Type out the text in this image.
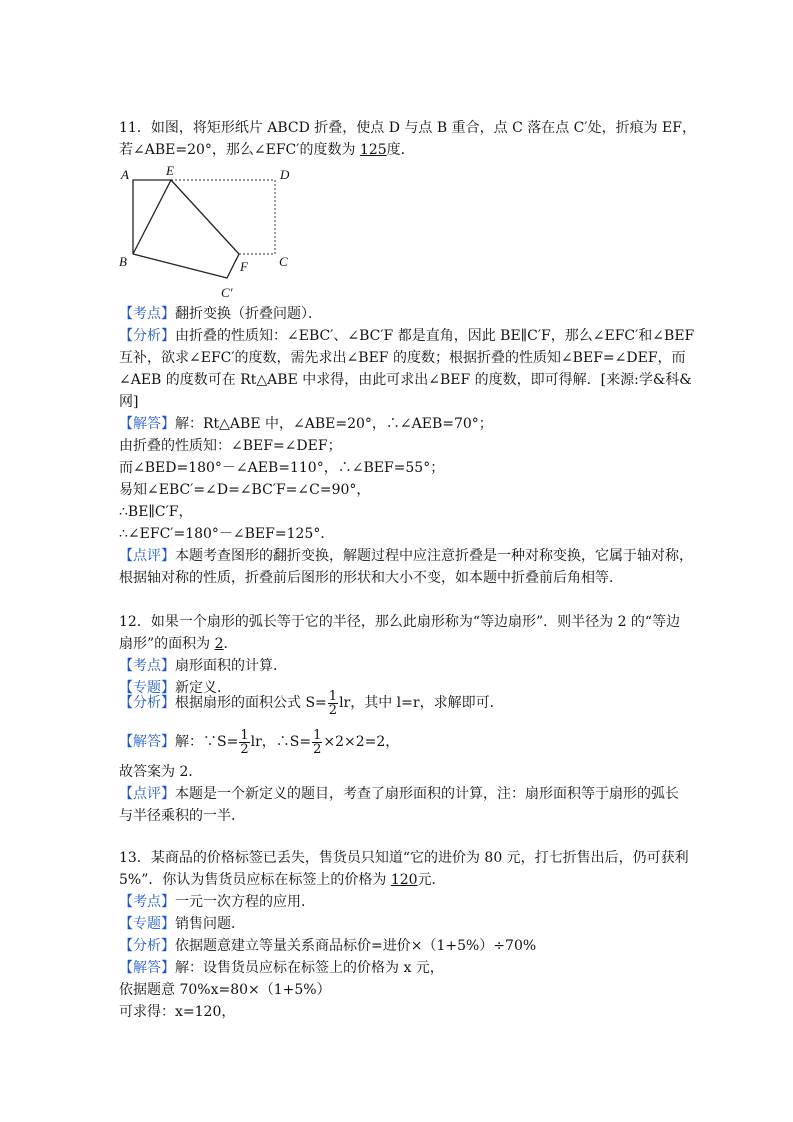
11．如图，将矩形纸片 ABCD 折叠，使点 D 与点 B 重合，点 C 落在点 C′处，折痕为 EF，
若∠ABE=20°，那么∠EFC′的度数为 125度．
A	E	D
B	F C
C′
【考点】翻折变换（折叠问题）．
【分析】由折叠的性质知：∠EBC′、∠BC′F 都是直角，因此 BE∥C′F，那么∠EFC′和∠BEF
互补，欲求∠EFC′的度数，需先求出∠BEF 的度数；根据折叠的性质知∠BEF=∠DEF，而
∠AEB 的度数可在 Rt△ABE 中求得，由此可求出∠BEF 的度数，即可得解．[来源:学&科&
网]
【解答】解：Rt△ABE 中，∠ABE=20°，∴∠AEB=70°；
由折叠的性质知：∠BEF=∠DEF；
而∠BED=180°－∠AEB=110°，∴∠BEF=55°；
易知∠EBC′=∠D=∠BC′F=∠C=90°，
∴BE∥C′F，
∴∠EFC′=180°－∠BEF=125°．
【点评】本题考查图形的翻折变换，解题过程中应注意折叠是一种对称变换，它属于轴对称，
根据轴对称的性质，折叠前后图形的形状和大小不变，如本题中折叠前后角相等．
12．如果一个扇形的弧长等于它的半径，那么此扇形称为“等边扇形”．则半径为 2 的“等边
扇形”的面积为 2．
【考点】扇形面积的计算．
【专题】新定义．
【分析】根据扇形的面积公式 $S= \frac{1}{2}$ lr，其中 l=r，求解即可．
【解答】解：∵S= $\frac{1}{2}$ lr，∴S= $\frac{1}{2} \times 2\times 2=2$，
故答案为 2．
【点评】本题是一个新定义的题目，考查了扇形面积的计算，注：扇形面积等于扇形的弧长
与半径乘积的一半．
13．某商品的价格标签已丢失，售货员只知道“它的进价为 80 元，打七折售出后，仍可获利
5%”．你认为售货员应标在标签上的价格为 120元．
【考点】一元一次方程的应用．
【专题】销售问题．
【分析】依据题意建立等量关系商品标价=进价×（1+5%）÷70%
【解答】解：设售货员应标在标签上的价格为 x 元，
依据题意 70%x=80×（1+5%）
可求得：x=120，
